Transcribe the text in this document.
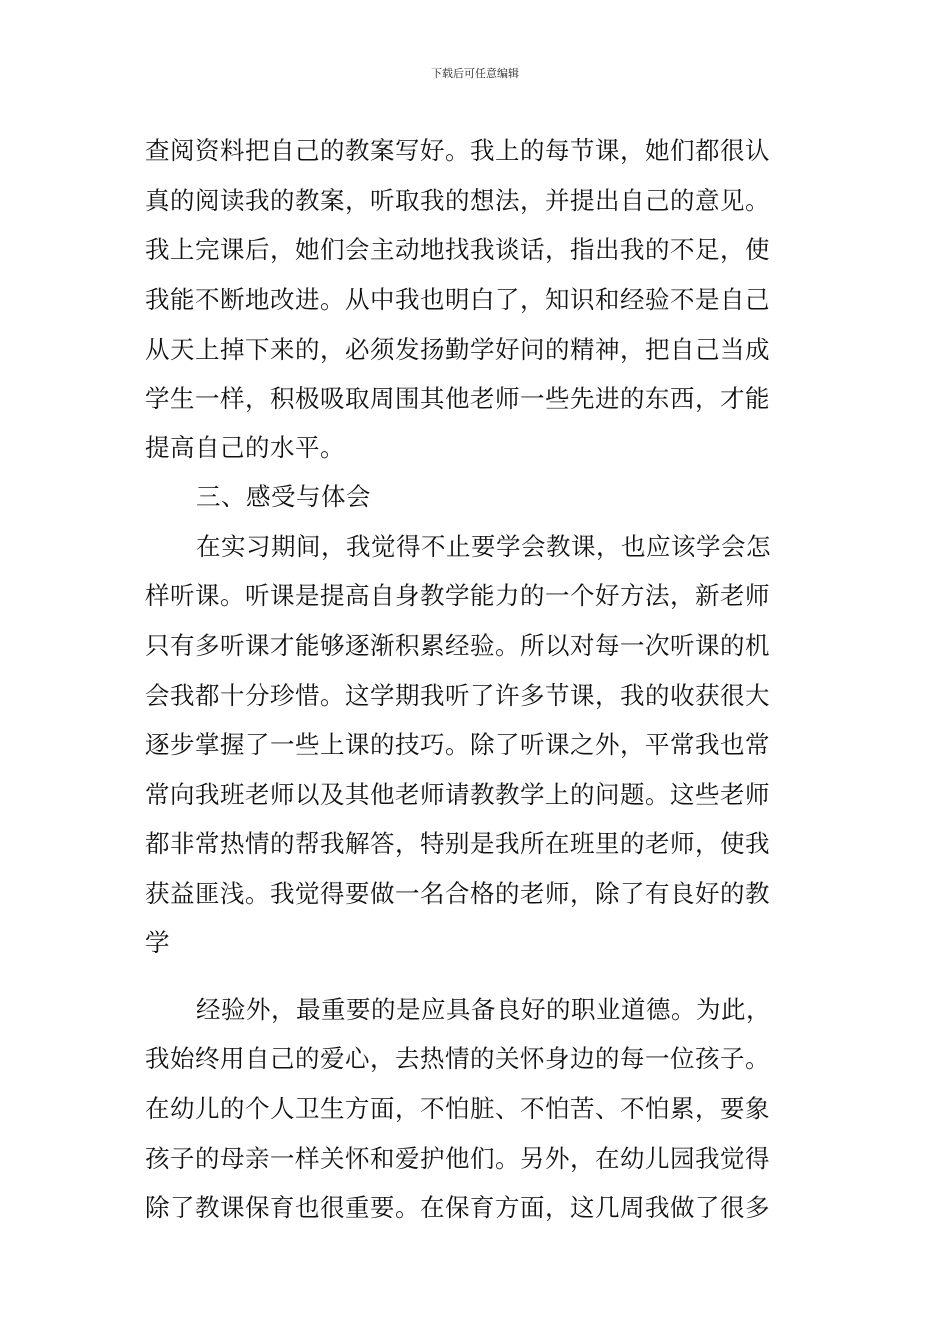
下载后可任意编辑
查阅资料把自己的教案写好。我上的每节课，她们都很认
真的阅读我的教案，听取我的想法，并提出自己的意见。
我上完课后，她们会主动地找我谈话，指出我的不足，使
我能不断地改进。从中我也明白了，知识和经验不是自己
从天上掉下来的，必须发扬勤学好问的精神，把自己当成
学生一样，积极吸取周围其他老师一些先进的东西，才能
提高自己的水平。
三、感受与体会
在实习期间，我觉得不止要学会教课，也应该学会怎
样听课。听课是提高自身教学能力的一个好方法，新老师
只有多听课才能够逐渐积累经验。所以对每一次听课的机
会我都十分珍惜。这学期我听了许多节课，我的收获很大
逐步掌握了一些上课的技巧。除了听课之外，平常我也常
常向我班老师以及其他老师请教教学上的问题。这些老师
都非常热情的帮我解答，特别是我所在班里的老师，使我
获益匪浅。我觉得要做一名合格的老师，除了有良好的教
学
经验外，最重要的是应具备良好的职业道德。为此，
我始终用自己的爱心，去热情的关怀身边的每一位孩子。
在幼儿的个人卫生方面，不怕脏、不怕苦、不怕累，要象
孩子的母亲一样关怀和爱护他们。另外，在幼儿园我觉得
除了教课保育也很重要。在保育方面，这几周我做了很多
